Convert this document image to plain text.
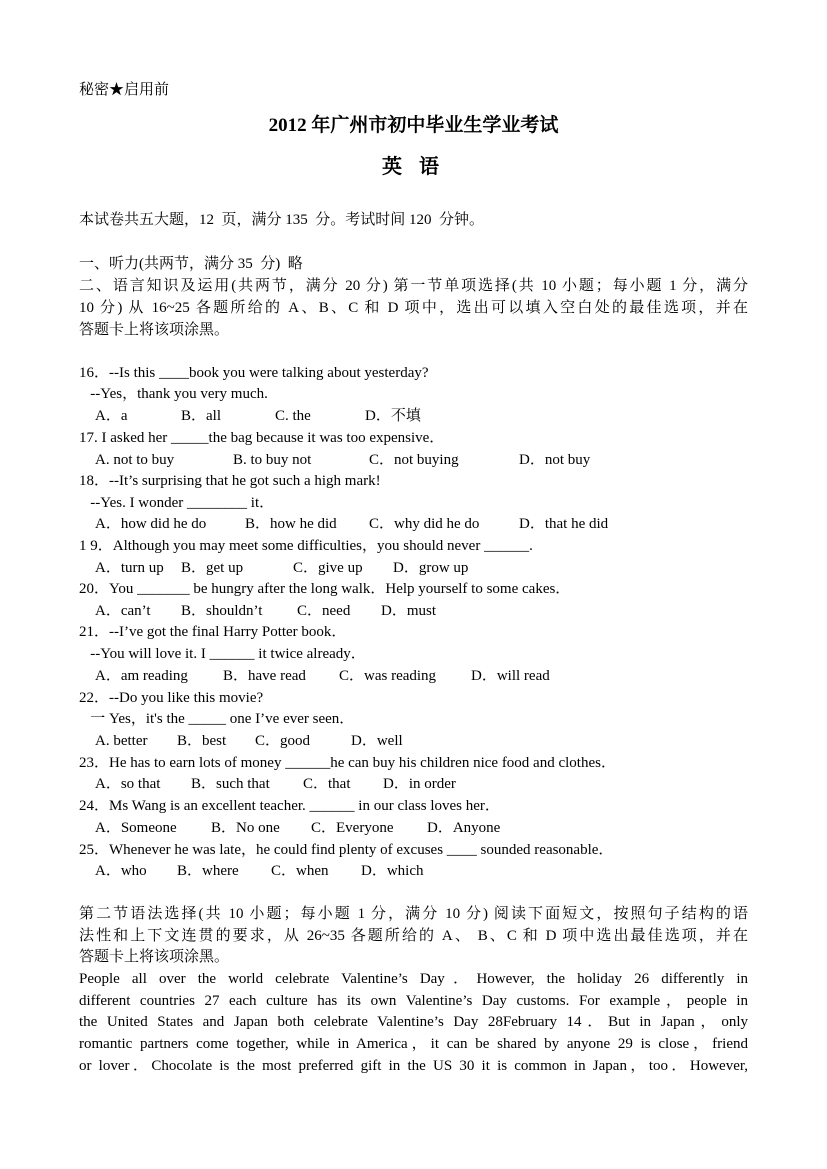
秘密★启用前
2012 年广州市初中毕业生学业考试
英 语
本试卷共五大题，12  页，满分 135  分。考试时间 120  分钟。
一、听力(共两节，满分 35  分)  略
二、语言知识及运用(共两节，满分 20 分) 第一节单项选择(共 10 小题；每小题 1 分，满分
10 分) 从 16~25 各题所给的 A、B、C 和 D 项中，选出可以填入空白处的最佳选项，并在
答题卡上将该项涂黑。
16．--Is this ____book you were talking about yesterday?
--Yes，thank you very much.

A．a

	B．all

	C. the

	D．不填

17. I asked her _____the bag because it was too expensive．

A. not to buy

	B. to buy not

	C．not buying

	D．not buy

18．--It’s surprising that he got such a high mark!
--Yes. I wonder ________ it．

A．how did he do

	B．how he did

C．why did he do

	D．that he did

1 9．Although you may meet some difficulties，you should never ______.

A．turn up

B．get up

	C．give up

D．grow up

20．You _______ be hungry after the long walk．Help yourself to some cakes．

A．can’t

B．shouldn’t

C．need

D．must

21．--I’ve got the final Harry Potter book．
--You will love it. I ______ it twice already．

A．am reading

B．have read

C．was reading

D．will read

22．--Do you like this movie?
一 Yes，it's the _____ one I’ve ever seen．

A. better

B．best

C．good

	D．well

23．He has to earn lots of money ______he can buy his children nice food and clothes．

A．so that

B．such that

C．that

D．in order

24．Ms Wang is an excellent teacher. ______ in our class loves her．

A．Someone

B．No one

C．Everyone

D．Anyone

25．Whenever he was late，he could find plenty of excuses ____ sounded reasonable．

A．who

B．where

C．when

D．which

第二节语法选择(共 10 小题；每小题 1 分，满分 10 分) 阅读下面短文，按照句子结构的语
法性和上下文连贯的要求，从 26~35 各题所给的 A、 B、C 和 D 项中选出最佳选项，并在
答题卡上将该项涂黑。
People all over the world celebrate Valentine’s Day．However, the holiday 26 differently in
different countries 27 each culture has its own Valentine’s Day customs. For example，people in
the United States and Japan both celebrate Valentine’s Day 28February 14．But in Japan，only
romantic partners come together, while in America，it can be shared by anyone 29 is close，friend
or lover．Chocolate is the most preferred gift in the US 30 it is common in Japan，too．However,
